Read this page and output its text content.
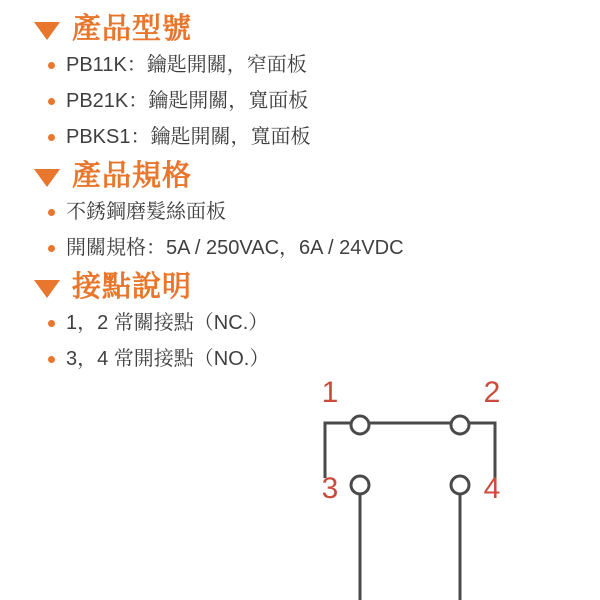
產品型號
PB11K：鑰匙開關，窄面板
PB21K：鑰匙開關，寬面板
PBKS1：鑰匙開關，寬面板
產品規格
不銹鋼磨髮絲面板
開關規格：5A / 250VAC，6A / 24VDC
接點說明
1，2 常關接點（NC.）
3，4 常開接點（NO.）
1	2
3	4
